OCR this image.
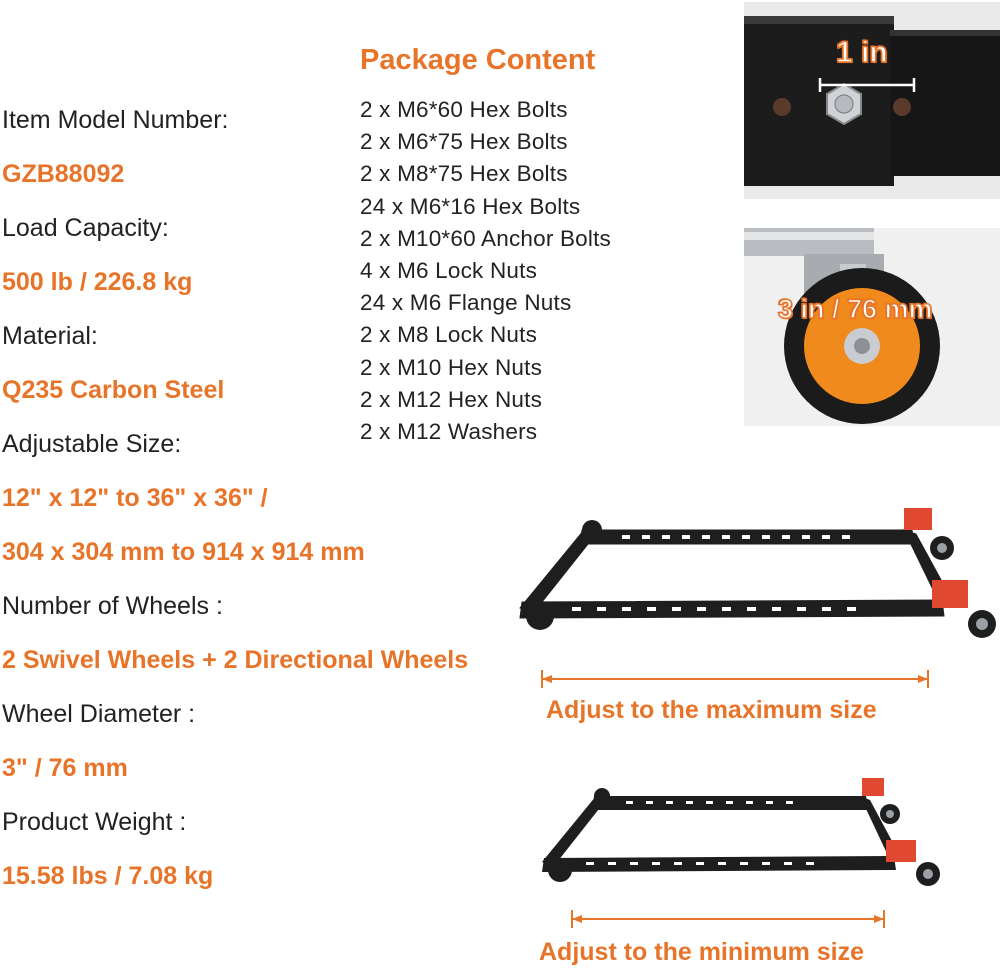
Item Model Number:
GZB88092
Load Capacity:
500 lb / 226.8 kg
Material:
Q235 Carbon Steel
Adjustable Size:
12" x 12" to 36" x 36" /
304 x 304 mm to 914 x 914 mm
Number of Wheels :
2 Swivel Wheels + 2 Directional Wheels
Wheel Diameter :
3" / 76 mm
Product Weight :
15.58 lbs / 7.08 kg
Package Content
2 x M6*60 Hex Bolts
2 x M6*75 Hex Bolts
2 x M8*75 Hex Bolts
24 x M6*16 Hex Bolts
2 x M10*60 Anchor Bolts
4 x M6 Lock Nuts
24 x M6 Flange Nuts
2 x M8 Lock Nuts
2 x M10 Hex Nuts
2 x M12 Hex Nuts
2 x M12 Washers
1 in
3 in / 76 mm
Adjust to the maximum size
Adjust to the minimum size
